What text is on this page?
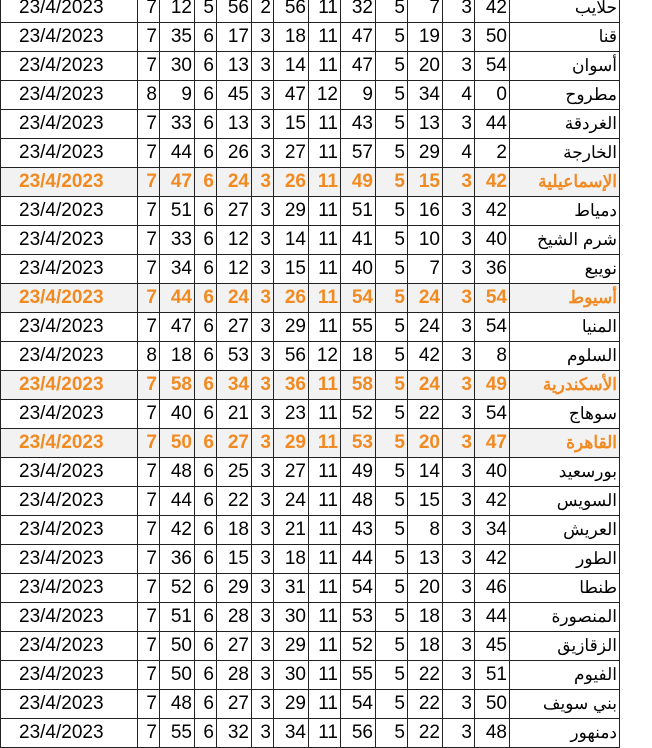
23/4/2023	7	12	5	56	2	56	11	32	5	7	3	42	حلايب
23/4/2023	7	35	6	17	3	18	11	47	5	19	3	50	قنا
23/4/2023	7	30	6	13	3	14	11	47	5	20	3	54	أسوان
23/4/2023	8	9	6	45	3	47	12	9	5	34	4	0	مطروح
23/4/2023	7	33	6	13	3	15	11	43	5	13	3	44	الغردقة
23/4/2023	7	44	6	26	3	27	11	57	5	29	4	2	الخارجة
23/4/2023	7	47	6	24	3	26	11	49	5	15	3	42	الإسماعيلية
23/4/2023	7	51	6	27	3	29	11	51	5	16	3	42	دمياط
23/4/2023	7	33	6	12	3	14	11	41	5	10	3	40	شرم الشيخ
23/4/2023	7	34	6	12	3	15	11	40	5	7	3	36	نويبع
23/4/2023	7	44	6	24	3	26	11	54	5	24	3	54	أسيوط
23/4/2023	7	47	6	27	3	29	11	55	5	24	3	54	المنيا
23/4/2023	8	18	6	53	3	56	12	18	5	42	3	8	السلوم
23/4/2023	7	58	6	34	3	36	11	58	5	24	3	49	الأسكندرية
23/4/2023	7	40	6	21	3	23	11	52	5	22	3	54	سوهاج
23/4/2023	7	50	6	27	3	29	11	53	5	20	3	47	القاهرة
23/4/2023	7	48	6	25	3	27	11	49	5	14	3	40	بورسعيد
23/4/2023	7	44	6	22	3	24	11	48	5	15	3	42	السويس
23/4/2023	7	42	6	18	3	21	11	43	5	8	3	34	العريش
23/4/2023	7	36	6	15	3	18	11	44	5	13	3	42	الطور
23/4/2023	7	52	6	29	3	31	11	54	5	20	3	46	طنطا
23/4/2023	7	51	6	28	3	30	11	53	5	18	3	44	المنصورة
23/4/2023	7	50	6	27	3	29	11	52	5	18	3	45	الزقازيق
23/4/2023	7	50	6	28	3	30	11	55	5	22	3	51	الفيوم
23/4/2023	7	48	6	27	3	29	11	54	5	22	3	50	بني سويف
23/4/2023	7	55	6	32	3	34	11	56	5	22	3	48	دمنهور
